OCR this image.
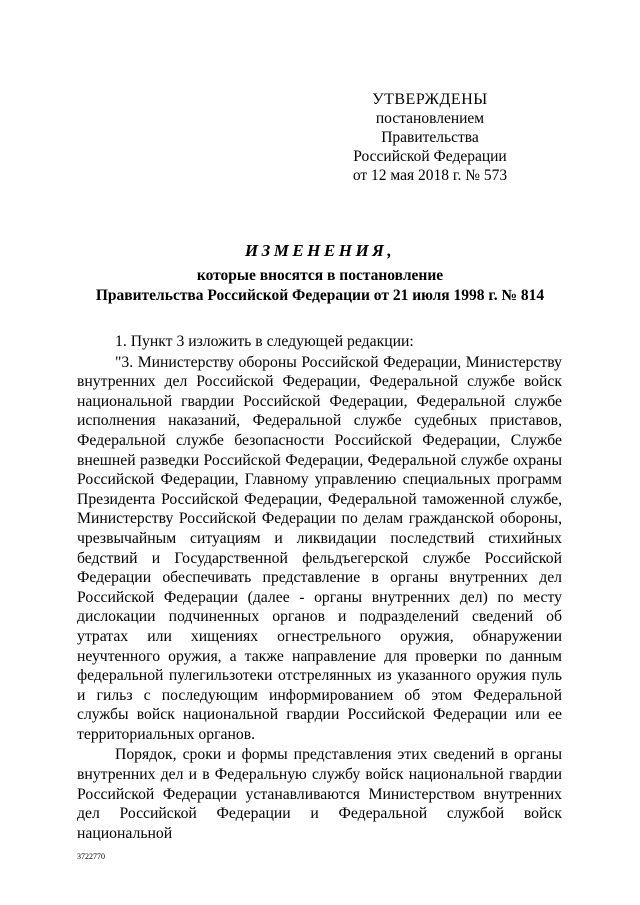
УТВЕРЖДЕНЫ
постановлением Правительства
Российской Федерации
от 12 мая 2018 г. № 573
ИЗМЕНЕНИЯ,
которые вносятся в постановление
Правительства Российской Федерации от 21 июля 1998 г. № 814

1. Пункт 3 изложить в следующей редакции:

"3. Министерству обороны Российской Федерации, Министерству внутренних дел Российской Федерации, Федеральной службе войск национальной гвардии Российской Федерации, Федеральной службе исполнения наказаний, Федеральной службе судебных приставов, Федеральной службе безопасности Российской Федерации, Службе внешней разведки Российской Федерации, Федеральной службе охраны Российской Федерации, Главному управлению специальных программ Президента Российской Федерации, Федеральной таможенной службе, Министерству Российской Федерации по делам гражданской обороны, чрезвычайным ситуациям и ликвидации последствий стихийных бедствий и Государственной фельдъегерской службе Российской Федерации обеспечивать представление в органы внутренних дел Российской Федерации (далее - органы внутренних дел) по месту дислокации подчиненных органов и подразделений сведений об утратах или хищениях огнестрельного оружия, обнаружении неучтенного оружия, а также направление для проверки по данным федеральной пулегильзотеки отстрелянных из указанного оружия пуль и гильз с последующим информированием об этом Федеральной службы войск национальной гвардии Российской Федерации или ее территориальных органов.

Порядок, сроки и формы представления этих сведений в органы внутренних дел и в Федеральную службу войск национальной гвардии Российской Федерации устанавливаются Министерством внутренних дел Российской Федерации и Федеральной службой войск национальной

3722770
